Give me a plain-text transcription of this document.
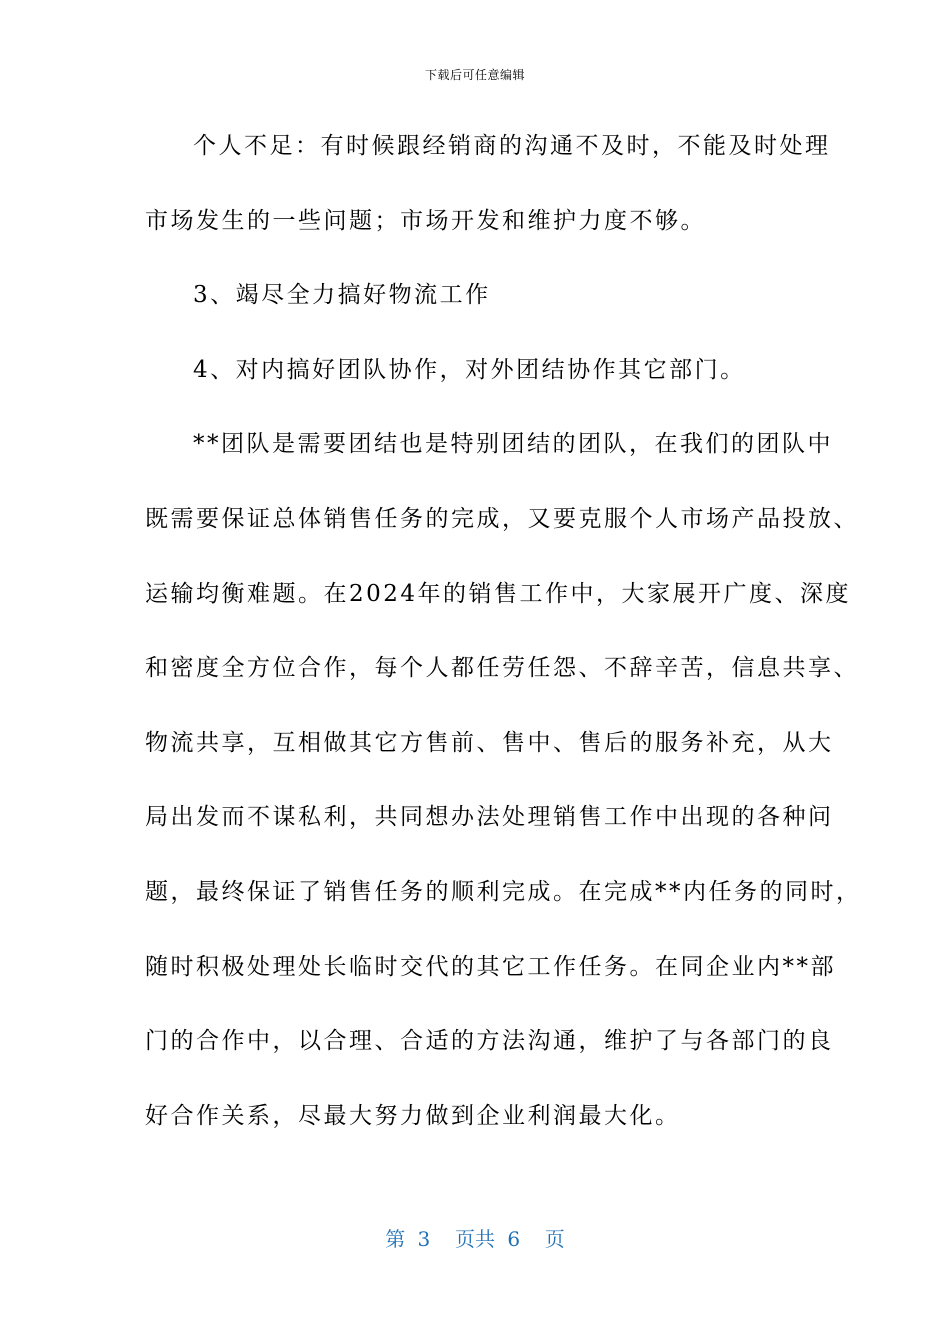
下载后可任意编辑
个人不足：有时候跟经销商的沟通不及时，不能及时处理
市场发生的一些问题；市场开发和维护力度不够。
3、竭尽全力搞好物流工作
4、对内搞好团队协作，对外团结协作其它部门。
**团队是需要团结也是特别团结的团队，在我们的团队中
既需要保证总体销售任务的完成，又要克服个人市场产品投放、
运输均衡难题。在2024年的销售工作中，大家展开广度、深度
和密度全方位合作，每个人都任劳任怨、不辞辛苦，信息共享、
物流共享，互相做其它方售前、售中、售后的服务补充，从大
局出发而不谋私利，共同想办法处理销售工作中出现的各种问
题，最终保证了销售任务的顺利完成。在完成**内任务的同时，
随时积极处理处长临时交代的其它工作任务。在同企业内**部
门的合作中，以合理、合适的方法沟通，维护了与各部门的良
好合作关系，尽最大努力做到企业利润最大化。
第 3  页共 6  页
